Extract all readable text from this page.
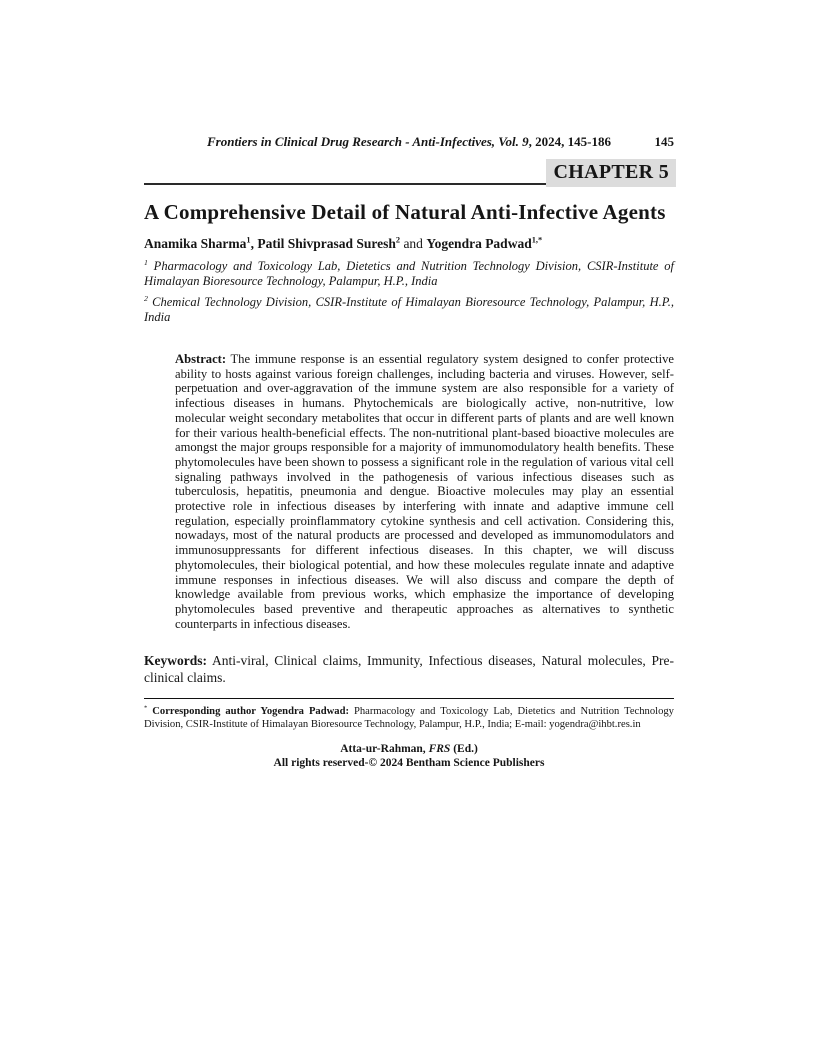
Frontiers in Clinical Drug Research - Anti-Infectives, Vol. 9, 2024, 145-186	145
CHAPTER 5
A Comprehensive Detail of Natural Anti-Infective Agents

Anamika Sharma$^1$, Patil Shivprasad Suresh$^2$ and Yogendra Padwad$^{1,*}$

$^1$ Pharmacology and Toxicology Lab, Dietetics and Nutrition Technology Division, CSIR-Institute of Himalayan Bioresource Technology, Palampur, H.P., India

$^2$ Chemical Technology Division, CSIR-Institute of Himalayan Bioresource Technology, Palampur, H.P., India

Abstract: The immune response is an essential regulatory system designed to confer protective ability to hosts against various foreign challenges, including bacteria and viruses. However, self-perpetuation and over-aggravation of the immune system are also responsible for a variety of infectious diseases in humans. Phytochemicals are biologically active, non-nutritive, low molecular weight secondary metabolites that occur in different parts of plants and are well known for their various health-beneficial effects. The non-nutritional plant-based bioactive molecules are amongst the major groups responsible for a majority of immunomodulatory health benefits. These phytomolecules have been shown to possess a significant role in the regulation of various vital cell signaling pathways involved in the pathogenesis of various infectious diseases such as tuberculosis, hepatitis, pneumonia and dengue. Bioactive molecules may play an essential protective role in infectious diseases by interfering with innate and adaptive immune cell regulation, especially proinflammatory cytokine synthesis and cell activation. Considering this, nowadays, most of the natural products are processed and developed as immunomodulators and immunosuppressants for different infectious diseases. In this chapter, we will discuss phytomolecules, their biological potential, and how these molecules regulate innate and adaptive immune responses in infectious diseases. We will also discuss and compare the depth of knowledge available from previous works, which emphasize the importance of developing phytomolecules based preventive and therapeutic approaches as alternatives to synthetic counterparts in infectious diseases.

Keywords: Anti-viral, Clinical claims, Immunity, Infectious diseases, Natural molecules, Pre-clinical claims.

* Corresponding author Yogendra Padwad: Pharmacology and Toxicology Lab, Dietetics and Nutrition Technology Division, CSIR-Institute of Himalayan Bioresource Technology, Palampur, H.P., India; E-mail: yogendra@ihbt.res.in

Atta-ur-Rahman, FRS (Ed.)

All rights reserved-© 2024 Bentham Science Publishers
